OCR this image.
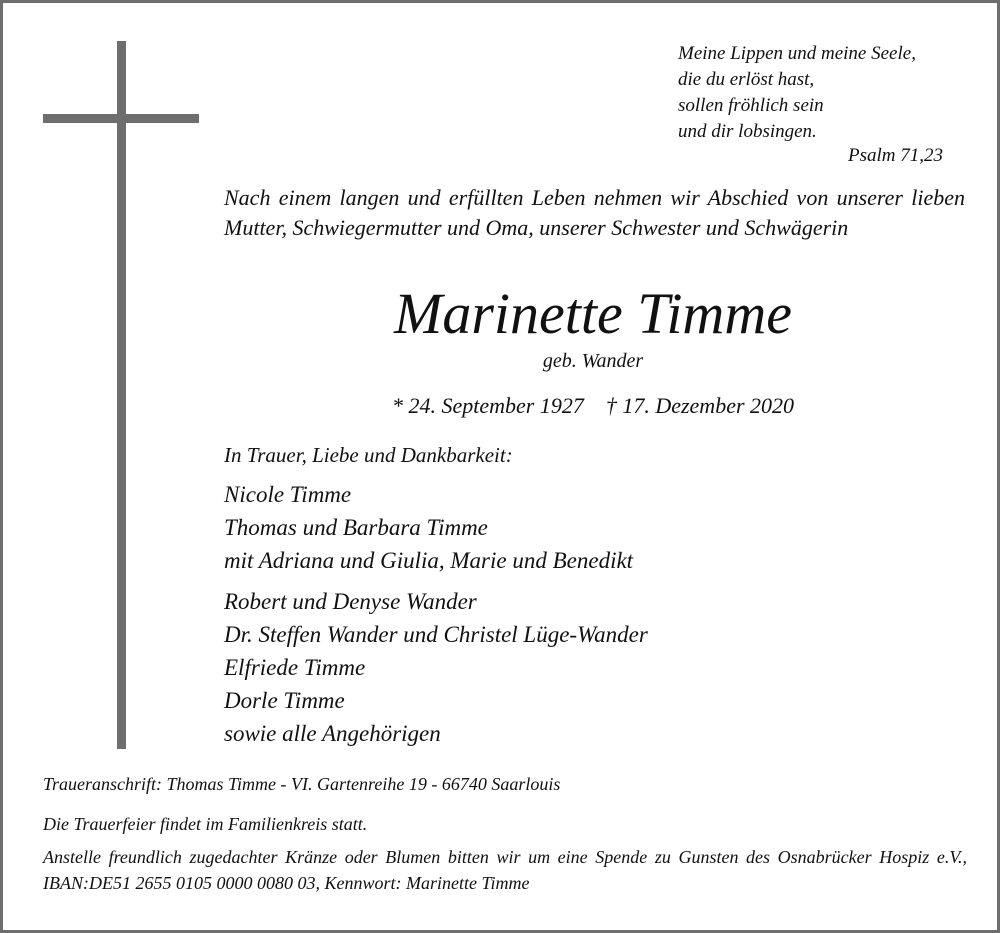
Meine Lippen und meine Seele,
die du erlöst hast,
sollen fröhlich sein
und dir lobsingen.
Psalm 71,23
Nach einem langen und erfüllten Leben nehmen wir Abschied von unserer lieben Mutter, Schwiegermutter und Oma, unserer Schwester und Schwägerin
Marinette Timme
geb. Wander
* 24. September 1927    † 17. Dezember 2020
In Trauer, Liebe und Dankbarkeit:
Nicole Timme
Thomas und Barbara Timme
mit Adriana und Giulia, Marie und Benedikt
Robert und Denyse Wander
Dr. Steffen Wander und Christel Lüge-Wander
Elfriede Timme
Dorle Timme
sowie alle Angehörigen
Traueranschrift: Thomas Timme - VI. Gartenreihe 19 - 66740 Saarlouis
Die Trauerfeier findet im Familienkreis statt.
Anstelle freundlich zugedachter Kränze oder Blumen bitten wir um eine Spende zu Gunsten des Osnabrücker Hospiz e.V., IBAN:DE51 2655 0105 0000 0080 03, Kennwort: Marinette Timme
